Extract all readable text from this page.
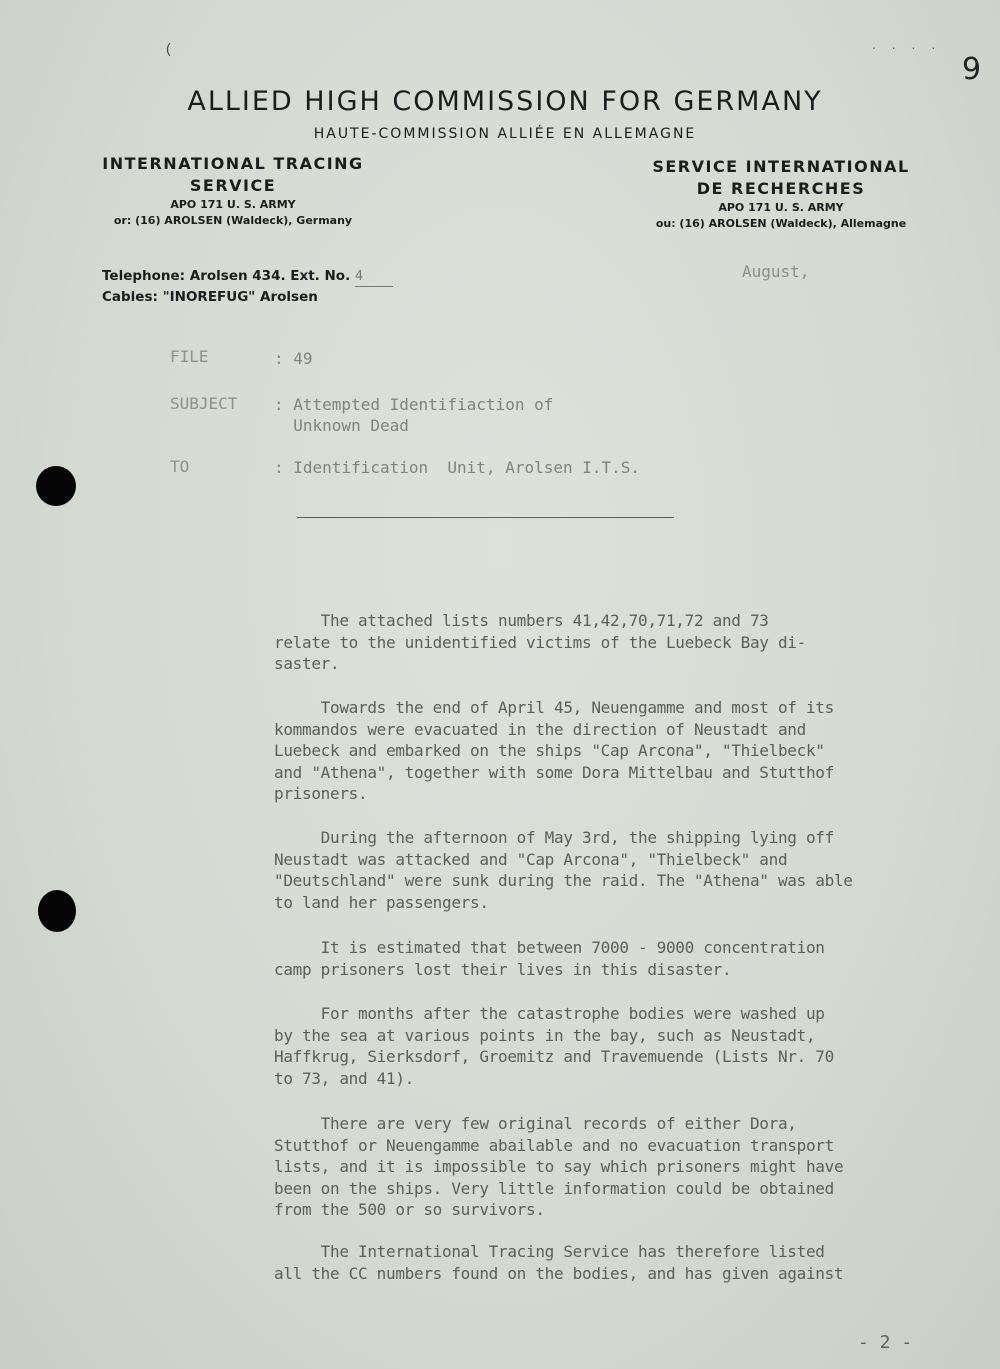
. . . .
9
(
ALLIED HIGH COMMISSION FOR GERMANY
HAUTE-COMMISSION ALLIÉE EN ALLEMAGNE
INTERNATIONAL TRACING
SERVICE
APO 171 U. S. ARMY
or: (16) AROLSEN (Waldeck), Germany
SERVICE INTERNATIONAL
DE RECHERCHES
APO 171 U. S. ARMY
ou: (16) AROLSEN (Waldeck), Allemagne
Telephone: Arolsen 434. Ext. No. 4
Cables: "INOREFUG" Arolsen
August,
FILE	: 49
SUBJECT : Attempted Identifiaction of
Unknown Dead
TO	: Identification  Unit, Arolsen I.T.S.
The attached lists numbers 41,42,70,71,72 and 73
relate to the unidentified victims of the Luebeck Bay di-
saster.
Towards the end of April 45, Neuengamme and most of its
kommandos were evacuated in the direction of Neustadt and
Luebeck and embarked on the ships "Cap Arcona", "Thielbeck"
and "Athena", together with some Dora Mittelbau and Stutthof
prisoners.
During the afternoon of May 3rd, the shipping lying off
Neustadt was attacked and "Cap Arcona", "Thielbeck" and
"Deutschland" were sunk during the raid. The "Athena" was able
to land her passengers.
It is estimated that between 7000 - 9000 concentration
camp prisoners lost their lives in this disaster.
For months after the catastrophe bodies were washed up
by the sea at various points in the bay, such as Neustadt,
Haffkrug, Sierksdorf, Groemitz and Travemuende (Lists Nr. 70
to 73, and 41).
There are very few original records of either Dora,
Stutthof or Neuengamme abailable and no evacuation transport
lists, and it is impossible to say which prisoners might have
been on the ships. Very little information could be obtained
from the 500 or so survivors.
The International Tracing Service has therefore listed
all the CC numbers found on the bodies, and has given against
- 2 -
